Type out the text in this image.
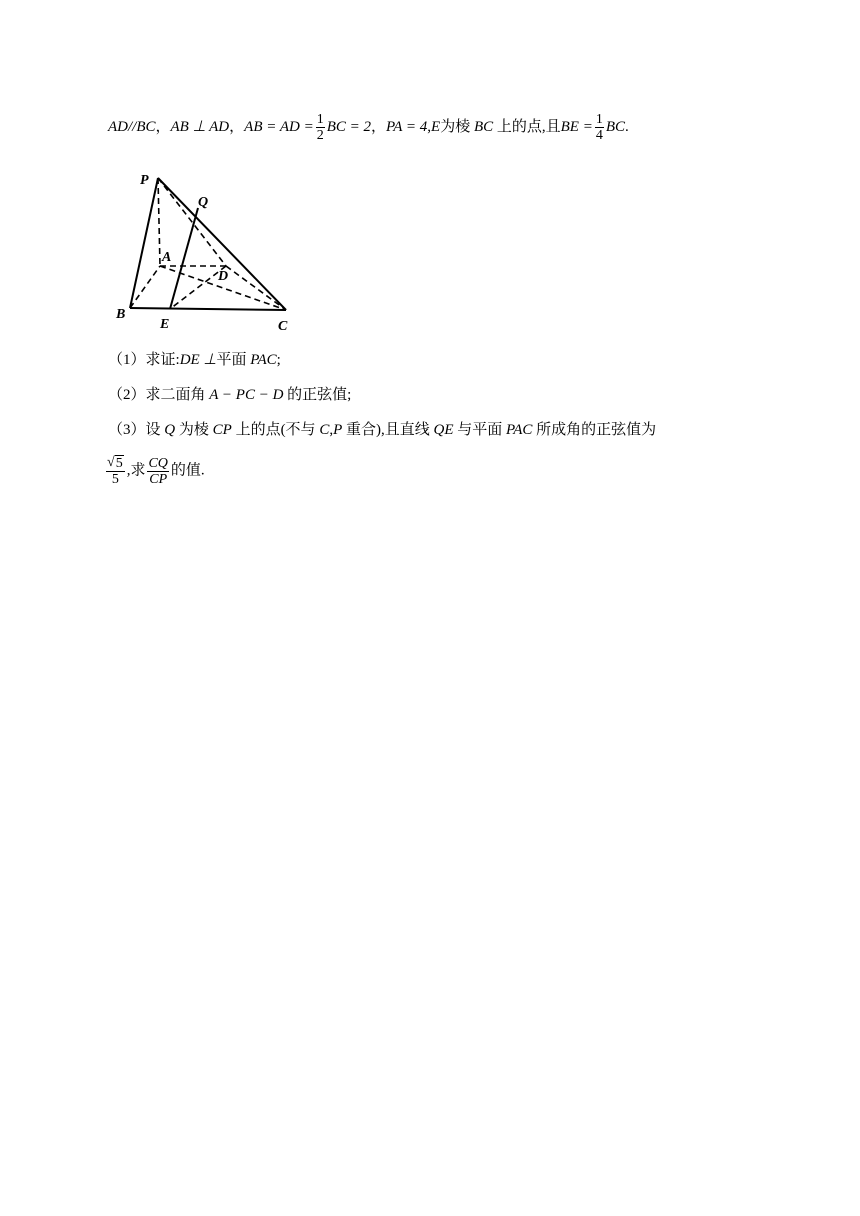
AD//BC，AB ⊥ AD，AB = AD = $\frac{1}{2}$ BC = 2，PA = 4,E为棱 BC 上的点,且BE = $\frac{1}{4}$ BC.
P
Q
A
D
B
E	C
（1）求证:DE ⊥平面 PAC;
（2）求二面角 A − PC − D 的正弦值;
（3）设 Q 为棱 CP 上的点(不与 C,P 重合),且直线 QE 与平面 PAC 所成角的正弦值为
$\frac{√ 5}{5}$ ,求 $\frac{CQ}{CP}$ 的值.
